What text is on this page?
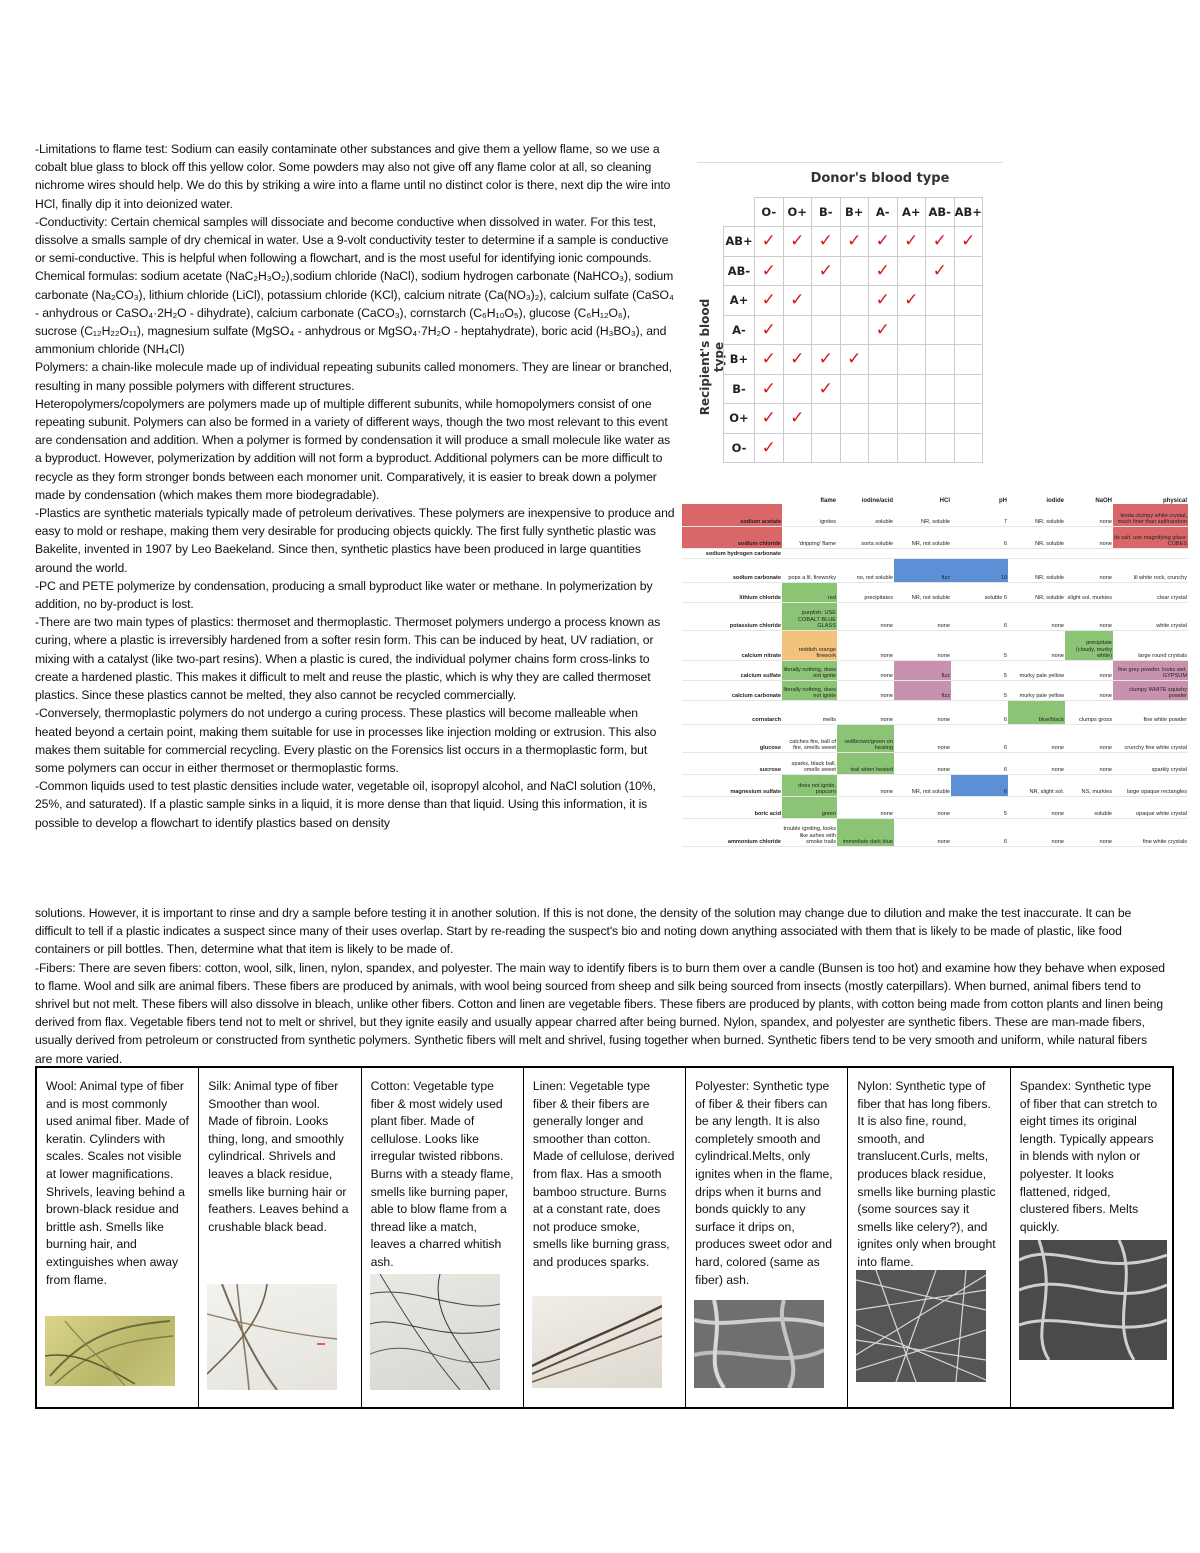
-Limitations to flame test: Sodium can easily contaminate other substances and give them a yellow flame, so we use a cobalt blue glass to block off this yellow color. Some powders may also not give off any flame color at all, so cleaning nichrome wires should help. We do this by striking a wire into a flame until no distinct color is there, next dip the wire into HCl, finally dip it into deionized water.

-Conductivity: Certain chemical samples will dissociate and become conductive when dissolved in water. For this test, dissolve a smalls sample of dry chemical in water. Use a 9-volt conductivity tester to determine if a sample is conductive or semi-conductive. This is helpful when following a flowchart, and is the most useful for identifying ionic compounds.

Chemical formulas: sodium acetate (NaC₂H₃O₂),sodium chloride (NaCl), sodium hydrogen carbonate (NaHCO₃), sodium carbonate (Na₂CO₃), lithium chloride (LiCl), potassium chloride (KCl), calcium nitrate (Ca(NO₃)₂), calcium sulfate (CaSO₄ - anhydrous or CaSO₄·2H₂O - dihydrate), calcium carbonate (CaCO₃), cornstarch (C₆H₁₀O₅), glucose (C₆H₁₂O₆), sucrose (C₁₂H₂₂O₁₁), magnesium sulfate (MgSO₄ - anhydrous or MgSO₄·7H₂O - heptahydrate), boric acid (H₃BO₃), and ammonium chloride (NH₄Cl)

Polymers: a chain-like molecule made up of individual repeating subunits called monomers. They are linear or branched, resulting in many possible polymers with different structures.

Heteropolymers/copolymers are polymers made up of multiple different subunits, while homopolymers consist of one repeating subunit. Polymers can also be formed in a variety of different ways, though the two most relevant to this event are condensation and addition. When a polymer is formed by condensation it will produce a small molecule like water as a byproduct. However, polymerization by addition will not form a byproduct. Additional polymers can be more difficult to recycle as they form stronger bonds between each monomer unit. Comparatively, it is easier to break down a polymer made by condensation (which makes them more biodegradable).

-Plastics are synthetic materials typically made of petroleum derivatives. These polymers are inexpensive to produce and easy to mold or reshape, making them very desirable for producing objects quickly. The first fully synthetic plastic was Bakelite, invented in 1907 by Leo Baekeland. Since then, synthetic plastics have been produced in large quantities around the world.

-PC and PETE polymerize by condensation, producing a small byproduct like water or methane. In polymerization by addition, no by-product is lost.

-There are two main types of plastics: thermoset and thermoplastic. Thermoset polymers undergo a process known as curing, where a plastic is irreversibly hardened from a softer resin form. This can be induced by heat, UV radiation, or mixing with a catalyst (like two-part resins). When a plastic is cured, the individual polymer chains form cross-links to create a hardened plastic. This makes it difficult to melt and reuse the plastic, which is why they are called thermoset plastics. Since these plastics cannot be melted, they also cannot be recycled commercially.

-Conversely, thermoplastic polymers do not undergo a curing process. These plastics will become malleable when heated beyond a certain point, making them suitable for use in processes like injection molding or extrusion. This also makes them suitable for commercial recycling. Every plastic on the Forensics list occurs in a thermoplastic form, but some polymers can occur in either thermoset or thermoplastic forms.

-Common liquids used to test plastic densities include water, vegetable oil, isopropyl alcohol, and NaCl solution (10%, 25%, and saturated). If a plastic sample sinks in a liquid, it is more dense than that liquid. Using this information, it is possible to develop a flowchart to identify plastics based on density

Donor's blood type
Recipient's blood type
	O-	O+	B-	B+	A-	A+	AB-	AB+
AB+	✓	✓	✓	✓	✓	✓	✓	✓
AB-	✓		✓		✓		✓	
A+	✓	✓			✓	✓		
A-	✓				✓			
B+	✓	✓	✓	✓				
B-	✓		✓					
O+	✓	✓						
O-	✓							
	flame	iodine/acid	HCl	pH	iodide	NaOH	physical
sodium acetate	ignites	soluble	NR, soluble	7	NR, soluble	none	kinda clumpy white crystal, much finer than salt/random
sodium chloride	'dripping' flame	sorta soluble	NR, not soluble	6	NR, soluble	none	its salt. use magnifying glass: CUBES
sodium hydrogen carbonate							
sodium carbonate	pops a lil, fireworky	no, not soluble	fizz	10	NR, soluble	none	lil white rock, crunchy
lithium chloride	red	precipitates	NR, not soluble	soluble 6	NR, soluble	slight sol. murkies	clear crystal
potassium chloride	purplish: USE COBALT BLUE GLASS	none	none	6	none	none	white crystal
calcium nitrate	reddish orange firework	none	none	5	none	precipitate (cloudy, murky white)	large round crystals
calcium sulfate	literally nothing, does not ignite	none	fizz	5	murky pale yellow	none	fine grey powder. looks wet. GYPSUM
calcium carbonate	literally nothing, does not ignite	none	fizz	5	murky pale yellow	none	clumpy WHITE squishy powder
cornstarch	melts	none	none	6	blue/black	clumps gross	fine white powder
glucose	catches fire, ball of fire, smells sweet	red/brown/green on heating	none	6	none	none	crunchy fine white crystal
sucrose	sparks, black ball, smells sweet	teal when heated	none	6	none	none	sparkly crystal
magnesium sulfate	does not ignite, popcorn	none	NR, not soluble	6	NR, slight sol.	NS, murkies	large opaque rectangles
boric acid	green	none	none	5	none	soluble	opaque white crystal
ammonium chloride	trouble igniting, looks like ashes with smoke trails	immediate dark blue	none	6	none	none	fine white crystals

solutions. However, it is important to rinse and dry a sample before testing it in another solution. If this is not done, the density of the solution may change due to dilution and make the test inaccurate. It can be difficult to tell if a plastic indicates a suspect since many of their uses overlap. Start by re-reading the suspect's bio and noting down anything associated with them that is likely to be made of plastic, like food containers or pill bottles. Then, determine what that item is likely to be made of.

-Fibers: There are seven fibers: cotton, wool, silk, linen, nylon, spandex, and polyester. The main way to identify fibers is to burn them over a candle (Bunsen is too hot) and examine how they behave when exposed to flame. Wool and silk are animal fibers. These fibers are produced by animals, with wool being sourced from sheep and silk being sourced from insects (mostly caterpillars). When burned, animal fibers tend to shrivel but not melt. These fibers will also dissolve in bleach, unlike other fibers. Cotton and linen are vegetable fibers. These fibers are produced by plants, with cotton being made from cotton plants and linen being derived from flax. Vegetable fibers tend not to melt or shrivel, but they ignite easily and usually appear charred after being burned. Nylon, spandex, and polyester are synthetic fibers. These are man-made fibers, usually derived from petroleum or constructed from synthetic polymers. Synthetic fibers will melt and shrivel, fusing together when burned. Synthetic fibers tend to be very smooth and uniform, while natural fibers are more varied.

Wool: Animal type of fiber and is most commonly used animal fiber. Made of keratin. Cylinders with scales. Scales not visible at lower magnifications. Shrivels, leaving behind a brown-black residue and brittle ash. Smells like burning hair, and extinguishes when away from flame.
Silk: Animal type of fiber Smoother than wool. Made of fibroin. Looks thing, long, and smoothly cylindrical. Shrivels and leaves a black residue, smells like burning hair or feathers. Leaves behind a crushable black bead.
Cotton: Vegetable type fiber & most widely used plant fiber. Made of cellulose. Looks like irregular twisted ribbons. Burns with a steady flame, smells like burning paper, able to blow flame from a thread like a match, leaves a charred whitish ash.
Linen: Vegetable type fiber & their fibers are generally longer and smoother than cotton. Made of cellulose, derived from flax. Has a smooth bamboo structure. Burns at a constant rate, does not produce smoke, smells like burning grass, and produces sparks.
Polyester: Synthetic type of fiber & their fibers can be any length. It is also completely smooth and cylindrical.Melts, only ignites when in the flame, drips when it burns and bonds quickly to any surface it drips on, produces sweet odor and hard, colored (same as fiber) ash.
Nylon: Synthetic type of fiber that has long fibers. It is also fine, round, smooth, and translucent.Curls, melts, produces black residue, smells like burning plastic (some sources say it smells like celery?), and ignites only when brought into flame.
Spandex: Synthetic type of fiber that can stretch to eight times its original length. Typically appears in blends with nylon or polyester. It looks flattened, ridged, clustered fibers. Melts quickly.
